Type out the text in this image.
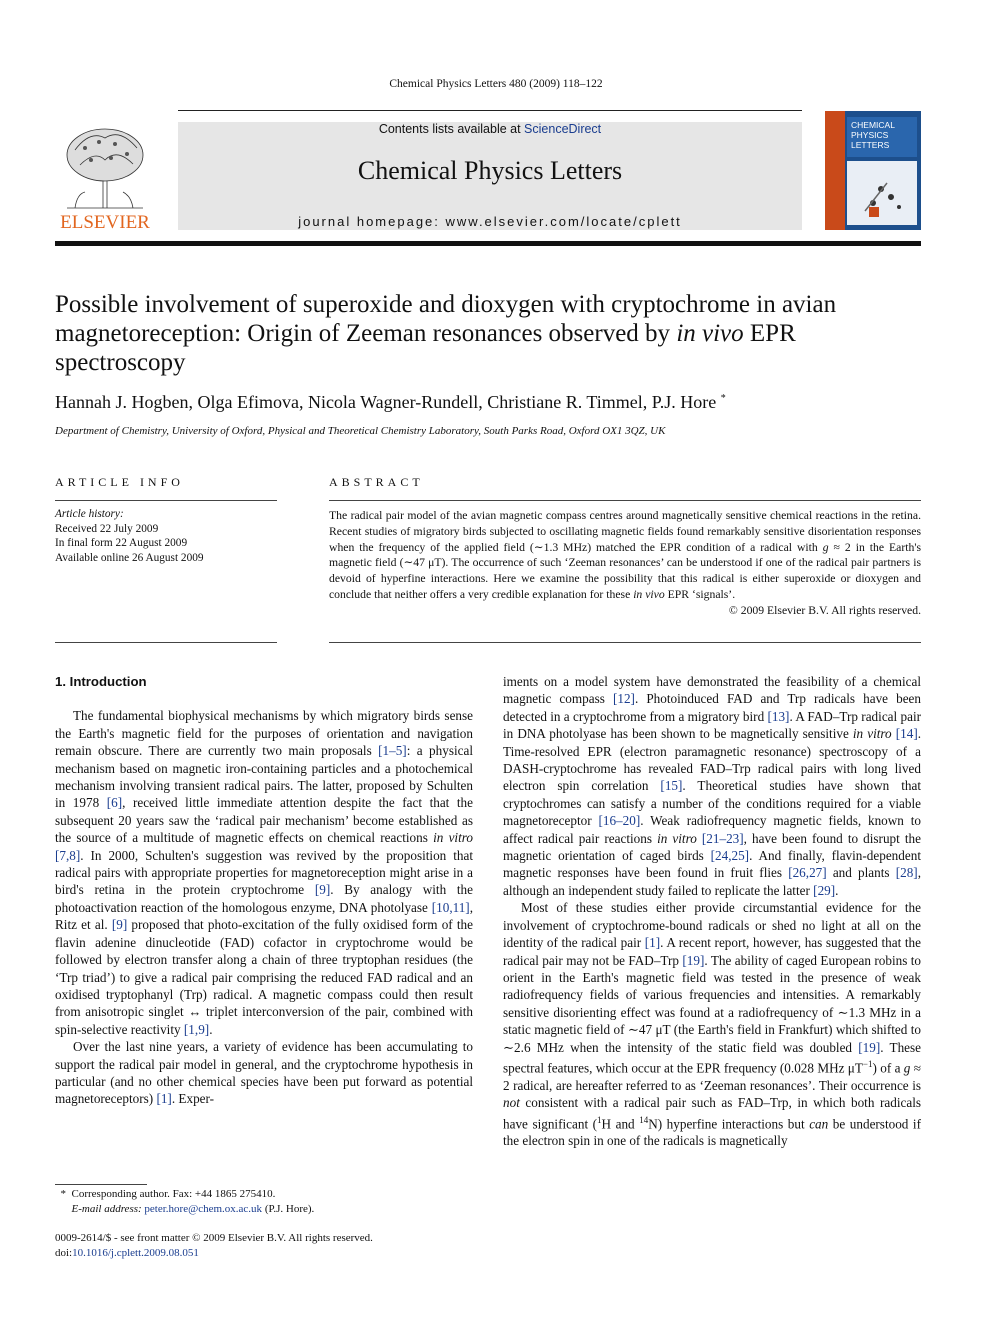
Chemical Physics Letters 480 (2009) 118–122
ELSEVIER
Contents lists available at ScienceDirect
Chemical Physics Letters
journal homepage: www.elsevier.com/locate/cplett
CHEMICAL
PHYSICS
LETTERS
Possible involvement of superoxide and dioxygen with cryptochrome in avian magnetoreception: Origin of Zeeman resonances observed by in vivo EPR spectroscopy
Hannah J. Hogben, Olga Efimova, Nicola Wagner-Rundell, Christiane R. Timmel, P.J. Hore *
Department of Chemistry, University of Oxford, Physical and Theoretical Chemistry Laboratory, South Parks Road, Oxford OX1 3QZ, UK
ARTICLE INFO
Article history:
Received 22 July 2009
In final form 22 August 2009
Available online 26 August 2009
ABSTRACT
The radical pair model of the avian magnetic compass centres around magnetically sensitive chemical reactions in the retina. Recent studies of migratory birds subjected to oscillating magnetic fields found remarkably sensitive disorientation responses when the frequency of the applied field (∼1.3 MHz) matched the EPR condition of a radical with g ≈ 2 in the Earth's magnetic field (∼47 μT). The occurrence of such ‘Zeeman resonances’ can be understood if one of the radical pair partners is devoid of hyperfine interactions. Here we examine the possibility that this radical is either superoxide or dioxygen and conclude that neither offers a very credible explanation for these in vivo EPR ‘signals’.
© 2009 Elsevier B.V. All rights reserved.
1. Introduction

The fundamental biophysical mechanisms by which migratory birds sense the Earth's magnetic field for the purposes of orientation and navigation remain obscure. There are currently two main proposals [1–5]: a physical mechanism based on magnetic iron-containing particles and a photochemical mechanism involving transient radical pairs. The latter, proposed by Schulten in 1978 [6], received little immediate attention despite the fact that the subsequent 20 years saw the ‘radical pair mechanism’ become established as the source of a multitude of magnetic effects on chemical reactions in vitro [7,8]. In 2000, Schulten's suggestion was revived by the proposition that radical pairs with appropriate properties for magnetoreception might arise in a bird's retina in the protein cryptochrome [9]. By analogy with the photoactivation reaction of the homologous enzyme, DNA photolyase [10,11], Ritz et al. [9] proposed that photo-excitation of the fully oxidised form of the flavin adenine dinucleotide (FAD) cofactor in cryptochrome would be followed by electron transfer along a chain of three tryptophan residues (the ‘Trp triad’) to give a radical pair comprising the reduced FAD radical and an oxidised tryptophanyl (Trp) radical. A magnetic compass could then result from anisotropic singlet ↔ triplet interconversion of the pair, combined with spin-selective reactivity [1,9].

Over the last nine years, a variety of evidence has been accumulating to support the radical pair model in general, and the cryptochrome hypothesis in particular (and no other chemical species have been put forward as potential magnetoreceptors) [1]. Exper-

iments on a model system have demonstrated the feasibility of a chemical magnetic compass [12]. Photoinduced FAD and Trp radicals have been detected in a cryptochrome from a migratory bird [13]. A FAD–Trp radical pair in DNA photolyase has been shown to be magnetically sensitive in vitro [14]. Time-resolved EPR (electron paramagnetic resonance) spectroscopy of a DASH-cryptochrome has revealed FAD–Trp radical pairs with long lived electron spin correlation [15]. Theoretical studies have shown that cryptochromes can satisfy a number of the conditions required for a viable magnetoreceptor [16–20]. Weak radiofrequency magnetic fields, known to affect radical pair reactions in vitro [21–23], have been found to disrupt the magnetic orientation of caged birds [24,25]. And finally, flavin-dependent magnetic responses have been found in fruit flies [26,27] and plants [28], although an independent study failed to replicate the latter [29].

Most of these studies either provide circumstantial evidence for the involvement of cryptochrome-bound radicals or shed no light at all on the identity of the radical pair [1]. A recent report, however, has suggested that the radical pair may not be FAD–Trp [19]. The ability of caged European robins to orient in the Earth's magnetic field was tested in the presence of weak radiofrequency fields of various frequencies and intensities. A remarkably sensitive disorienting effect was found at a radiofrequency of ∼1.3 MHz in a static magnetic field of ∼47 μT (the Earth's field in Frankfurt) which shifted to ∼2.6 MHz when the intensity of the static field was doubled [19]. These spectral features, which occur at the EPR frequency (0.028 MHz $\mu T^{-1}$) of a g ≈ 2 radical, are hereafter referred to as ‘Zeeman resonances’. Their occurrence is not consistent with a radical pair such as FAD–Trp, in which both radicals have significant ($^1$H and $^{14}$N) hyperfine interactions but can be understood if the electron spin in one of the radicals is magnetically

* Corresponding author. Fax: +44 1865 275410.
E-mail address: peter.hore@chem.ox.ac.uk (P.J. Hore).
0009-2614/$ - see front matter © 2009 Elsevier B.V. All rights reserved.
doi:10.1016/j.cplett.2009.08.051
